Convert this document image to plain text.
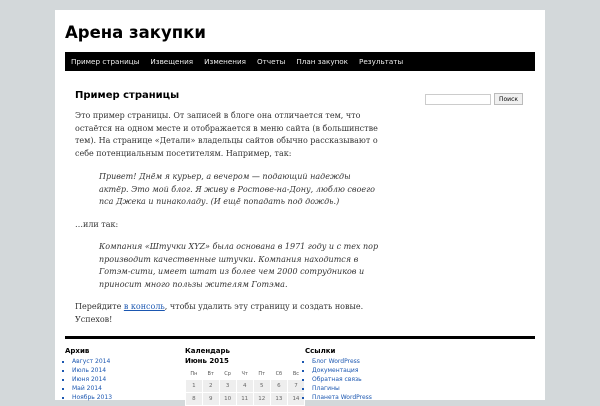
Арена закупки
Пример страницы	Извещения	Изменения	Отчеты	План закупок	Результаты
Пример страницы

Это пример страницы. От записей в блоге она отличается тем, что остаётся на одном месте и отображается в меню сайта (в большинстве тем). На странице «Детали» владельцы сайтов обычно рассказывают о себе потенциальным посетителям. Например, так:

Привет! Днём я курьер, а вечером — подающий надежды актёр. Это мой блог. Я живу в Ростове-на-Дону, люблю своего пса Джека и пинаколаду. (И ещё попадать под дождь.)

…или так:

Компания «Штучки XYZ» была основана в 1971 году и с тех пор производит качественные штучки. Компания находится в Готэм-сити, имеет штат из более чем 2000 сотрудников и приносит много пользы жителям Готэма.

Перейдите в консоль, чтобы удалить эту страницу и создать новые. Успехов!

Поиск
Архив
▪ Август 2014
▪ Июль 2014
▪ Июня 2014
▪ Май 2014
▪ Ноябрь 2013
Календарь
Июнь 2015
Пн	Вт	Ср	Чт	Пт	Сб	Вс
1	2	3	4	5	6	7
8	9	10	11	12	13	14
Ссылки
▪ Блог WordPress
▪ Документация
▪ Обратная связь
▪ Плагины
▪ Планета WordPress
